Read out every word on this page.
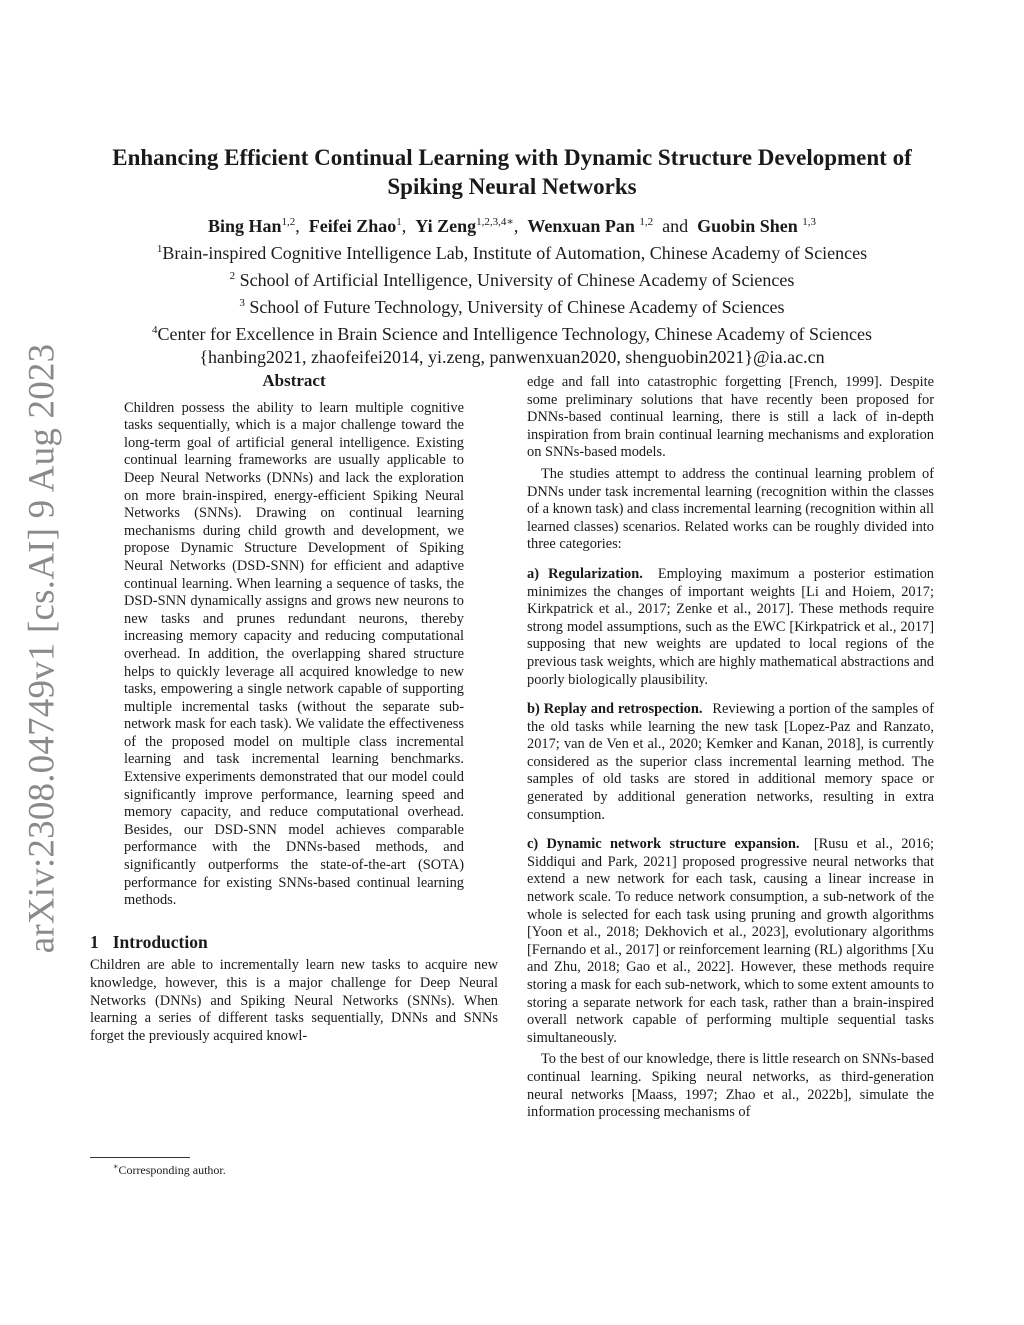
arXiv:2308.04749v1 [cs.AI] 9 Aug 2023
Enhancing Efficient Continual Learning with Dynamic Structure Development of
Spiking Neural Networks
Bing Han$^{1,2}$, Feifei Zhao$^1$, Yi Zeng$^{1,2,3,4∗}$, Wenxuan Pan $^{1,2}$ and Guobin Shen $^{1,3}$
$^1$Brain-inspired Cognitive Intelligence Lab, Institute of Automation, Chinese Academy of Sciences
$^2$ School of Artificial Intelligence, University of Chinese Academy of Sciences
$^3$ School of Future Technology, University of Chinese Academy of Sciences
$^4$Center for Excellence in Brain Science and Intelligence Technology, Chinese Academy of Sciences
{hanbing2021, zhaofeifei2014, yi.zeng, panwenxuan2020, shenguobin2021}@ia.ac.cn
Abstract

Children possess the ability to learn multiple cognitive tasks sequentially, which is a major challenge toward the long-term goal of artificial general intelligence. Existing continual learning frameworks are usually applicable to Deep Neural Networks (DNNs) and lack the exploration on more brain-inspired, energy-efficient Spiking Neural Networks (SNNs). Drawing on continual learning mechanisms during child growth and development, we propose Dynamic Structure Development of Spiking Neural Networks (DSD-SNN) for efficient and adaptive continual learning. When learning a sequence of tasks, the DSD-SNN dynamically assigns and grows new neurons to new tasks and prunes redundant neurons, thereby increasing memory capacity and reducing computational overhead. In addition, the overlapping shared structure helps to quickly leverage all acquired knowledge to new tasks, empowering a single network capable of supporting multiple incremental tasks (without the separate sub-network mask for each task). We validate the effectiveness of the proposed model on multiple class incremental learning and task incremental learning benchmarks. Extensive experiments demonstrated that our model could significantly improve performance, learning speed and memory capacity, and reduce computational overhead. Besides, our DSD-SNN model achieves comparable performance with the DNNs-based methods, and significantly outperforms the state-of-the-art (SOTA) performance for existing SNNs-based continual learning methods.

1 Introduction

Children are able to incrementally learn new tasks to acquire new knowledge, however, this is a major challenge for Deep Neural Networks (DNNs) and Spiking Neural Networks (SNNs). When learning a series of different tasks sequentially, DNNs and SNNs forget the previously acquired knowl-

edge and fall into catastrophic forgetting [French, 1999]. Despite some preliminary solutions that have recently been proposed for DNNs-based continual learning, there is still a lack of in-depth inspiration from brain continual learning mechanisms and exploration on SNNs-based models.

The studies attempt to address the continual learning problem of DNNs under task incremental learning (recognition within the classes of a known task) and class incremental learning (recognition within all learned classes) scenarios. Related works can be roughly divided into three categories:

a) Regularization. Employing maximum a posterior estimation minimizes the changes of important weights [Li and Hoiem, 2017; Kirkpatrick et al., 2017; Zenke et al., 2017]. These methods require strong model assumptions, such as the EWC [Kirkpatrick et al., 2017] supposing that new weights are updated to local regions of the previous task weights, which are highly mathematical abstractions and poorly biologically plausibility.

b) Replay and retrospection. Reviewing a portion of the samples of the old tasks while learning the new task [Lopez-Paz and Ranzato, 2017; van de Ven et al., 2020; Kemker and Kanan, 2018], is currently considered as the superior class incremental learning method. The samples of old tasks are stored in additional memory space or generated by additional generation networks, resulting in extra consumption.

c) Dynamic network structure expansion. [Rusu et al., 2016; Siddiqui and Park, 2021] proposed progressive neural networks that extend a new network for each task, causing a linear increase in network scale. To reduce network consumption, a sub-network of the whole is selected for each task using pruning and growth algorithms [Yoon et al., 2018; Dekhovich et al., 2023], evolutionary algorithms [Fernando et al., 2017] or reinforcement learning (RL) algorithms [Xu and Zhu, 2018; Gao et al., 2022]. However, these methods require storing a mask for each sub-network, which to some extent amounts to storing a separate network for each task, rather than a brain-inspired overall network capable of performing multiple sequential tasks simultaneously.

To the best of our knowledge, there is little research on SNNs-based continual learning. Spiking neural networks, as third-generation neural networks [Maass, 1997; Zhao et al., 2022b], simulate the information processing mechanisms of

∗Corresponding author.
